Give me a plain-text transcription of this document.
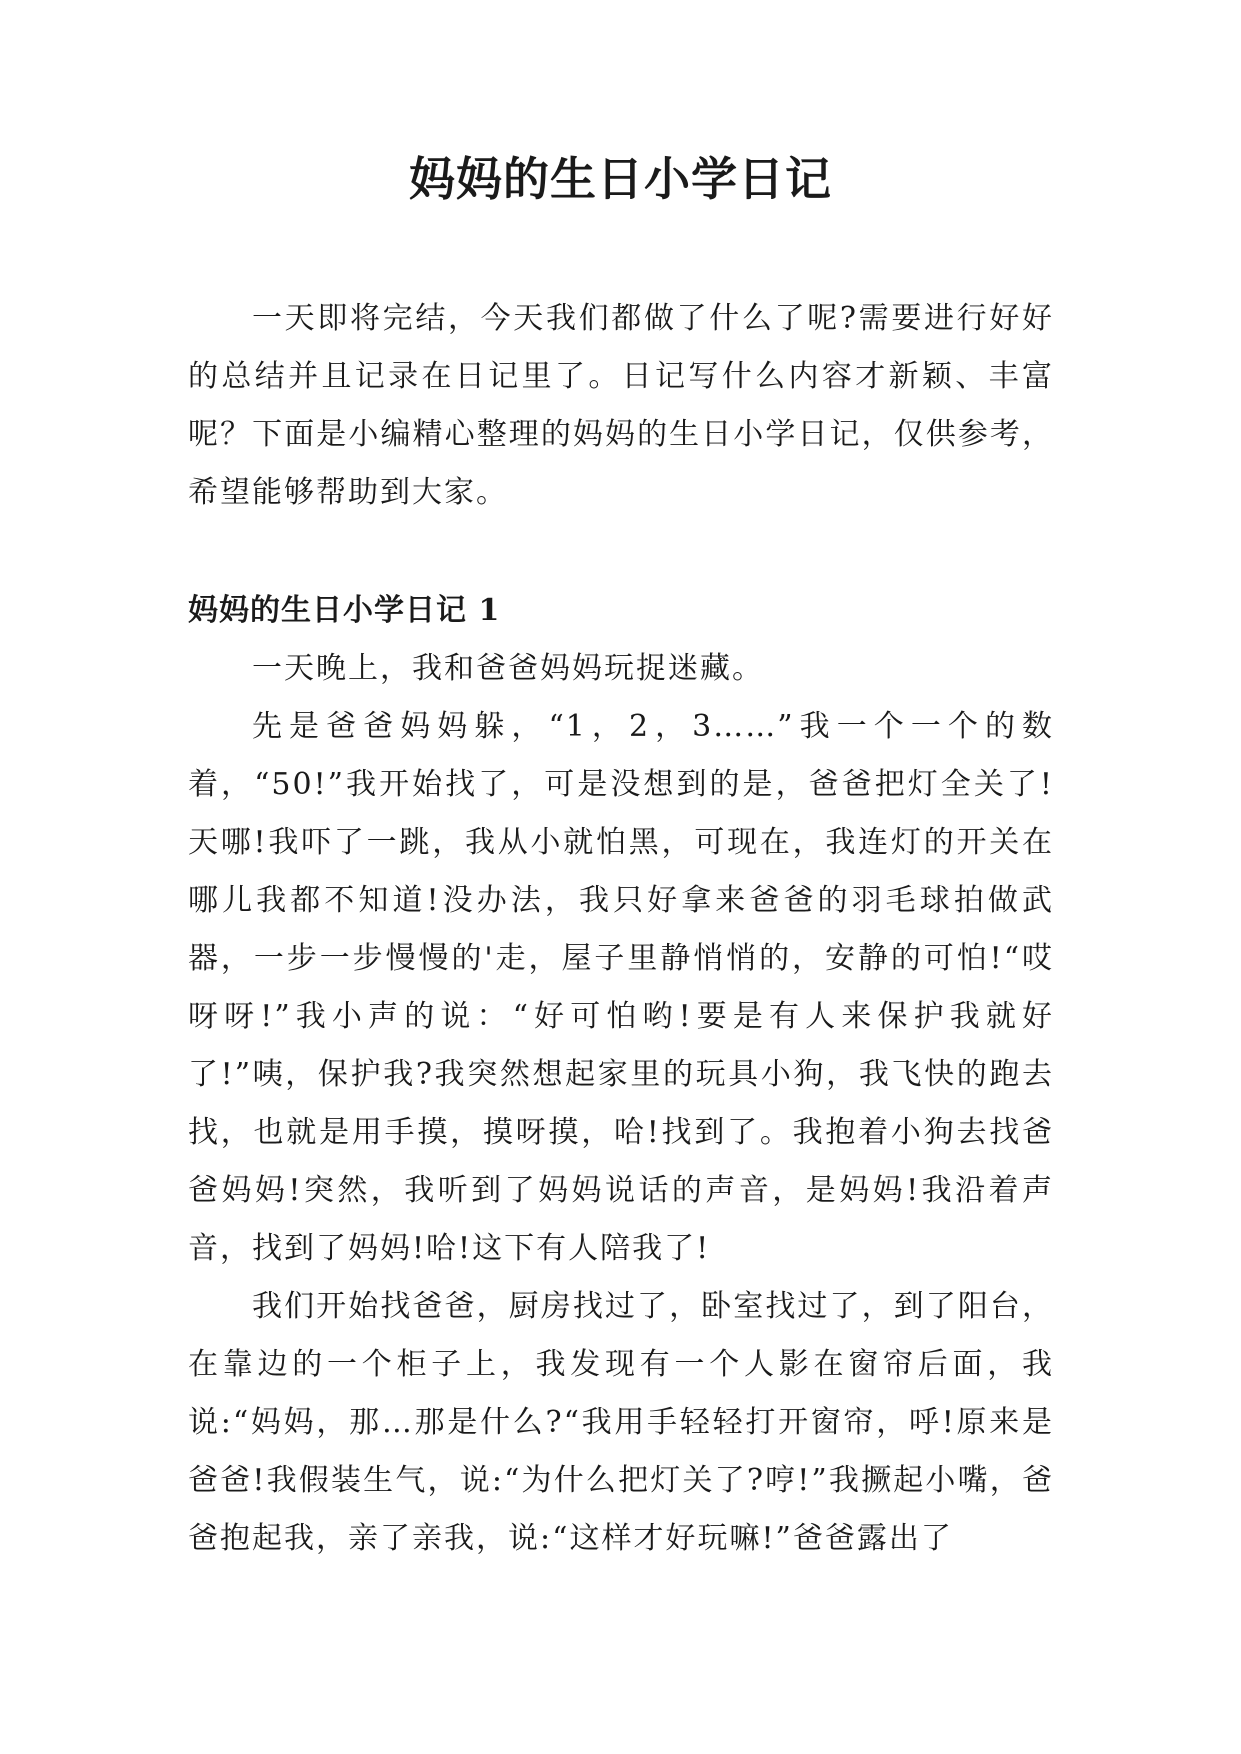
妈妈的生日小学日记

一天即将完结，今天我们都做了什么了呢?需要进行好好的总结并且记录在日记里了。日记写什么内容才新颖、丰富呢？下面是小编精心整理的妈妈的生日小学日记，仅供参考，希望能够帮助到大家。

妈妈的生日小学日记 1

一天晚上，我和爸爸妈妈玩捉迷藏。

先是爸爸妈妈躲，“1，2，3……”我一个一个的数着，“50!”我开始找了，可是没想到的是，爸爸把灯全关了!天哪!我吓了一跳，我从小就怕黑，可现在，我连灯的开关在哪儿我都不知道!没办法，我只好拿来爸爸的羽毛球拍做武器，一步一步慢慢的'走，屋子里静悄悄的，安静的可怕!“哎呀呀!”我小声的说：“好可怕哟!要是有人来保护我就好了!”咦，保护我?我突然想起家里的玩具小狗，我飞快的跑去找，也就是用手摸，摸呀摸，哈!找到了。我抱着小狗去找爸爸妈妈!突然，我听到了妈妈说话的声音，是妈妈!我沿着声音，找到了妈妈!哈!这下有人陪我了!

我们开始找爸爸，厨房找过了，卧室找过了，到了阳台，在靠边的一个柜子上，我发现有一个人影在窗帘后面，我说:“妈妈，那…那是什么?“我用手轻轻打开窗帘，呼!原来是爸爸!我假装生气，说:“为什么把灯关了?哼!”我撅起小嘴，爸爸抱起我，亲了亲我，说:“这样才好玩嘛!”爸爸露出了
